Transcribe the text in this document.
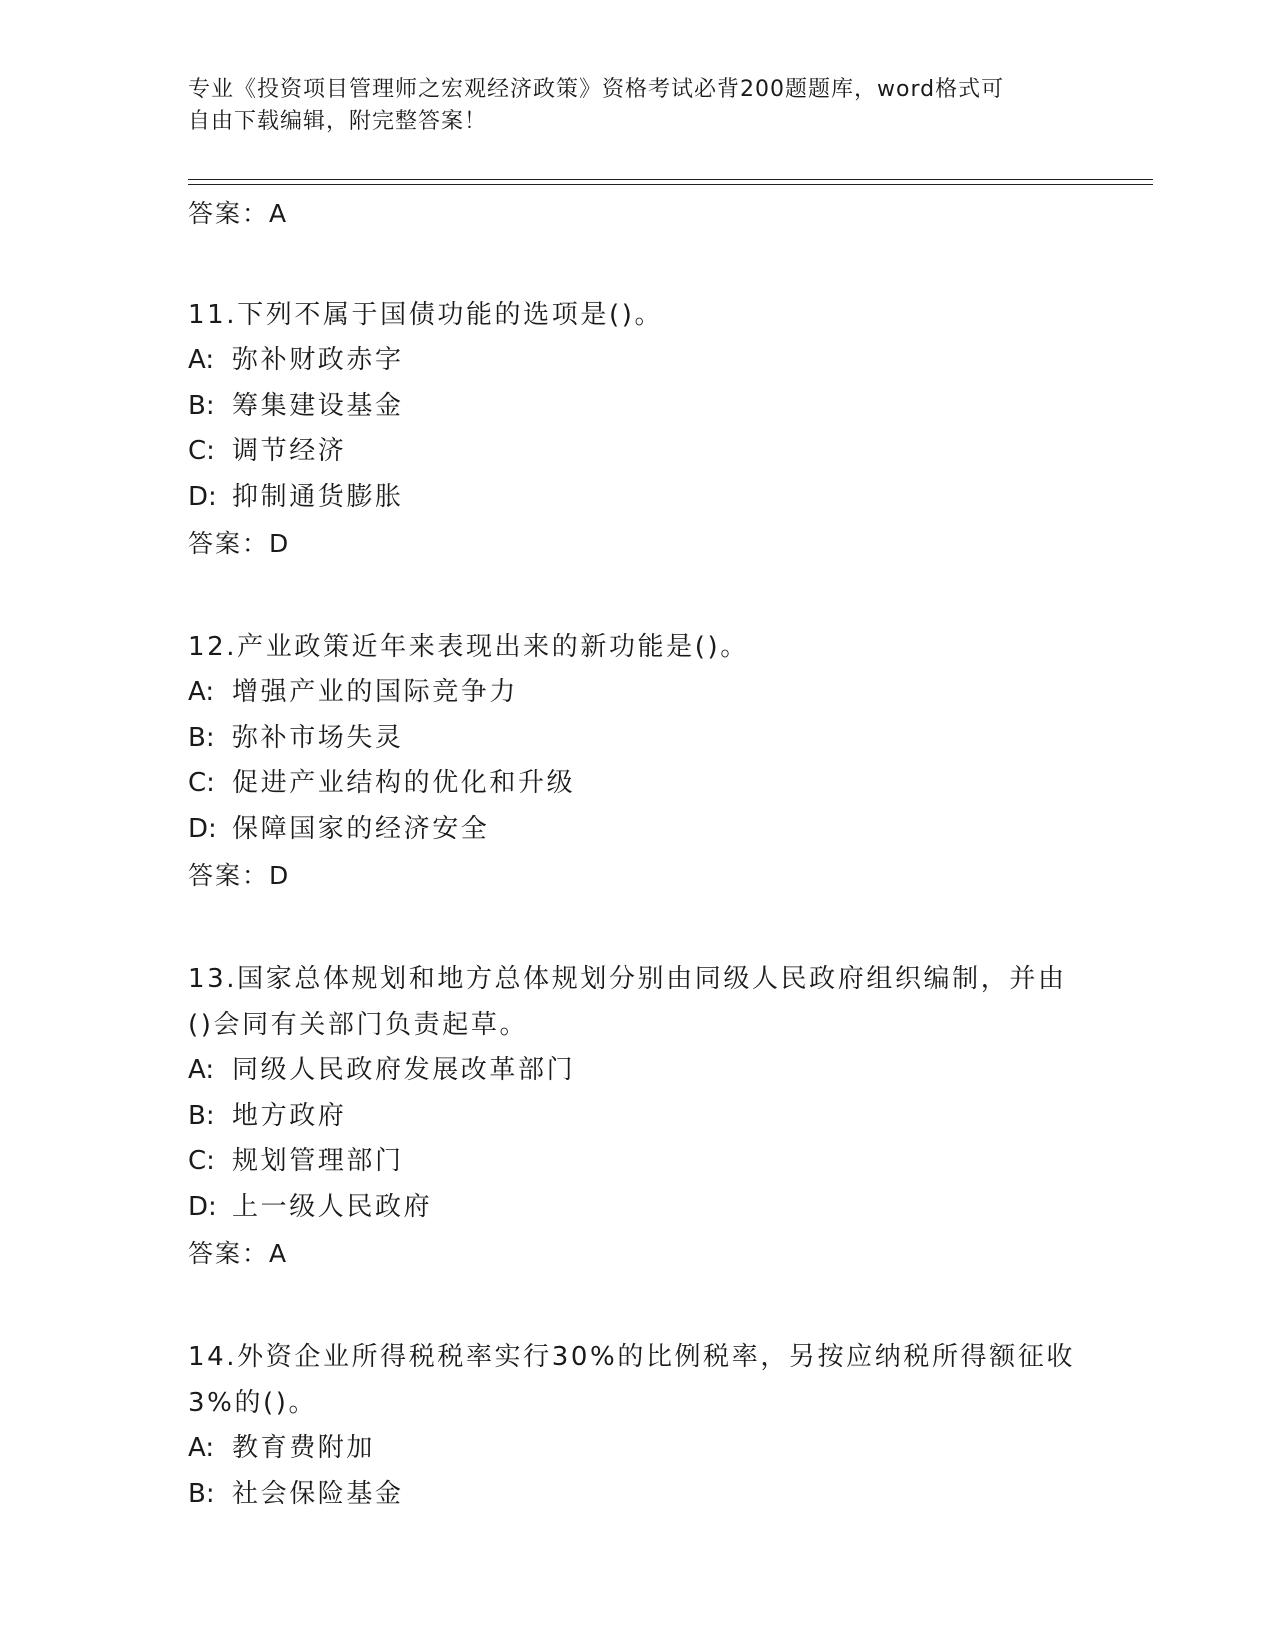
专业《投资项目管理师之宏观经济政策》资格考试必背200题题库，word格式可
自由下载编辑，附完整答案！
答案：A
11.下列不属于国债功能的选项是()。
A: 弥补财政赤字
B: 筹集建设基金
C: 调节经济
D: 抑制通货膨胀
答案：D
12.产业政策近年来表现出来的新功能是()。
A: 增强产业的国际竞争力
B: 弥补市场失灵
C: 促进产业结构的优化和升级
D: 保障国家的经济安全
答案：D
13.国家总体规划和地方总体规划分别由同级人民政府组织编制，并由
()会同有关部门负责起草。
A: 同级人民政府发展改革部门
B: 地方政府
C: 规划管理部门
D: 上一级人民政府
答案：A
14.外资企业所得税税率实行30%的比例税率，另按应纳税所得额征收
3%的()。
A: 教育费附加
B: 社会保险基金
